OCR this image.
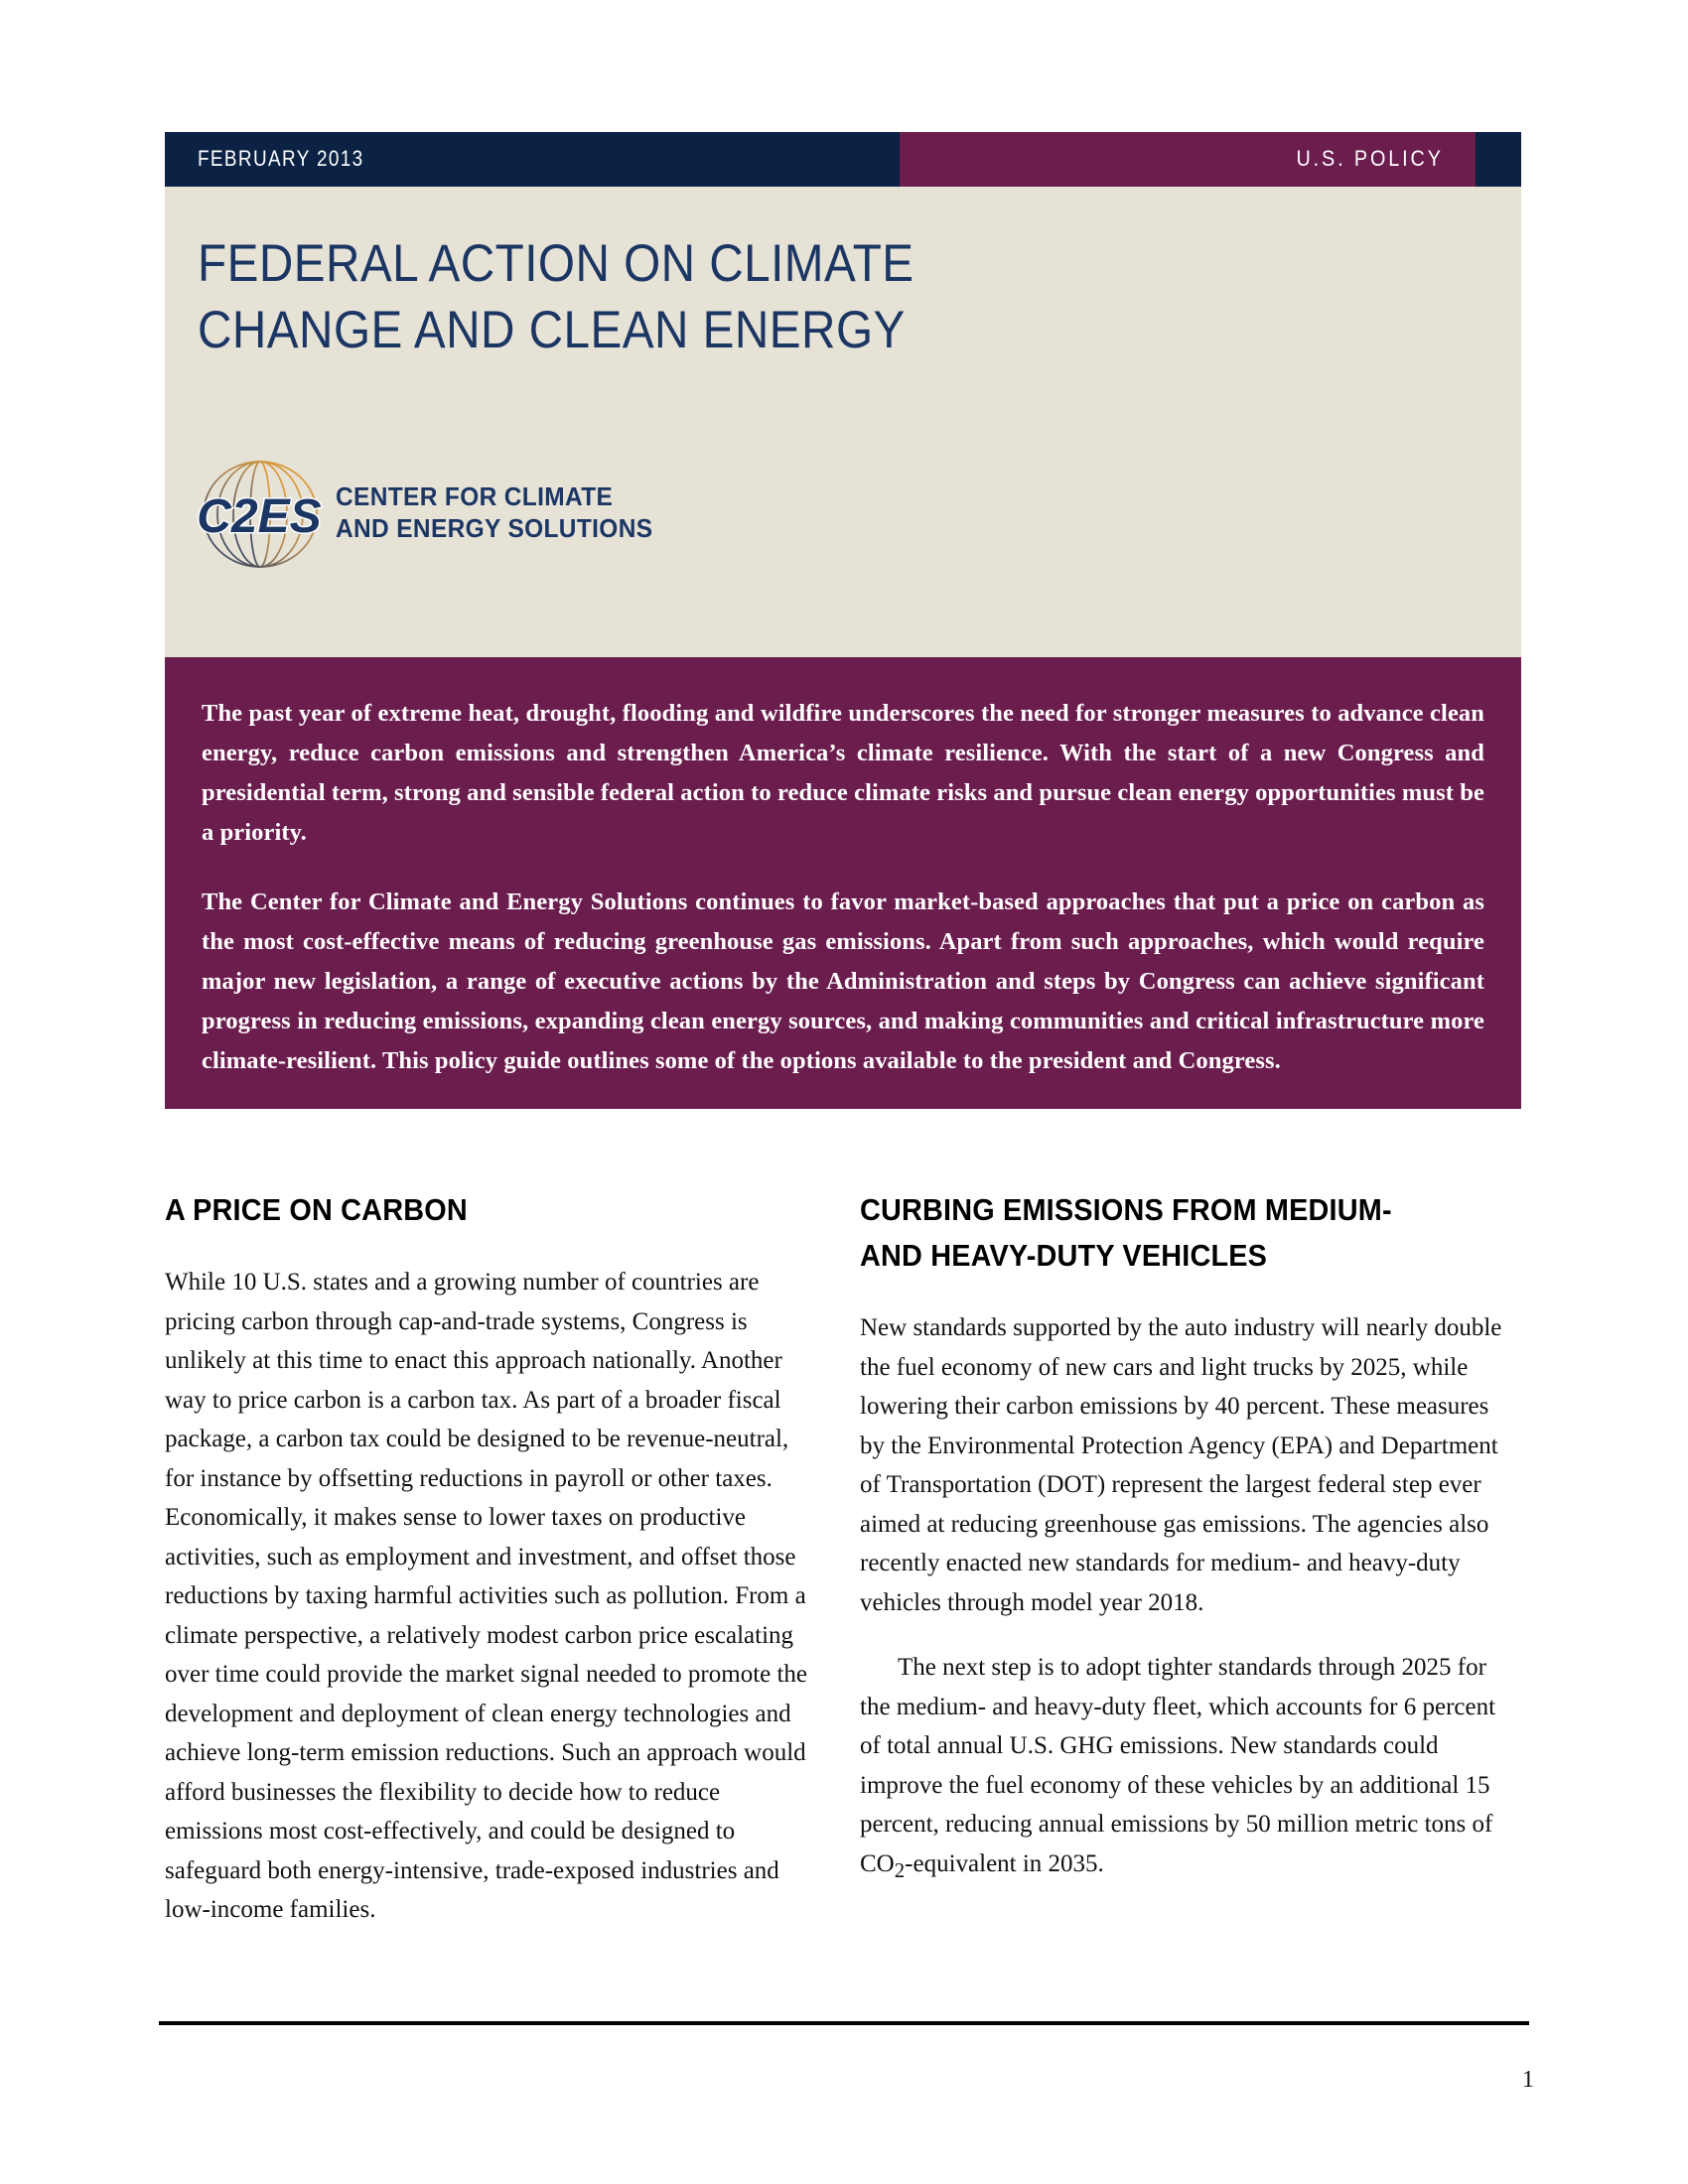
FEBRUARY 2013	U.S. POLICY
FEDERAL ACTION ON CLIMATE
CHANGE AND CLEAN ENERGY
C2ES CENTER FOR CLIMATE
AND ENERGY SOLUTIONS

The past year of extreme heat, drought, flooding and wildfire underscores the need for stronger measures to advance clean energy, reduce carbon emissions and strengthen America’s climate resilience. With the start of a new Congress and presidential term, strong and sensible federal action to reduce climate risks and pursue clean energy opportunities must be a priority.

The Center for Climate and Energy Solutions continues to favor market-based approaches that put a price on carbon as the most cost-effective means of reducing greenhouse gas emissions. Apart from such approaches, which would require major new legislation, a range of executive actions by the Administration and steps by Congress can achieve significant progress in reducing emissions, expanding clean energy sources, and making communities and critical infrastructure more climate-resilient. This policy guide outlines some of the options available to the president and Congress.

A PRICE ON CARBON

While 10 U.S. states and a growing number of countries are pricing carbon through cap-and-trade systems, Congress is unlikely at this time to enact this approach nationally. Another way to price carbon is a carbon tax. As part of a broader fiscal package, a carbon tax could be designed to be revenue-neutral, for instance by offsetting reductions in payroll or other taxes. Economically, it makes sense to lower taxes on productive activities, such as employment and investment, and offset those reductions by taxing harmful activities such as pollution. From a climate perspective, a relatively modest carbon price escalating over time could provide the market signal needed to promote the development and deployment of clean energy technologies and achieve long-term emission reductions. Such an approach would afford businesses the flexibility to decide how to reduce emissions most cost-effectively, and could be designed to safeguard both energy-intensive, trade-exposed industries and low-income families.

CURBING EMISSIONS FROM MEDIUM-
AND HEAVY-DUTY VEHICLES

New standards supported by the auto industry will nearly double the fuel economy of new cars and light trucks by 2025, while lowering their carbon emissions by 40 percent. These measures by the Environmental Protection Agency (EPA) and Department of Transportation (DOT) represent the largest federal step ever aimed at reducing greenhouse gas emissions. The agencies also recently enacted new standards for medium- and heavy-duty vehicles through model year 2018.

The next step is to adopt tighter standards through 2025 for the medium- and heavy-duty fleet, which accounts for 6 percent of total annual U.S. GHG emissions. New standards could improve the fuel economy of these vehicles by an additional 15 percent, reducing annual emissions by 50 million metric tons of $CO_2$-equivalent in 2035.

1
